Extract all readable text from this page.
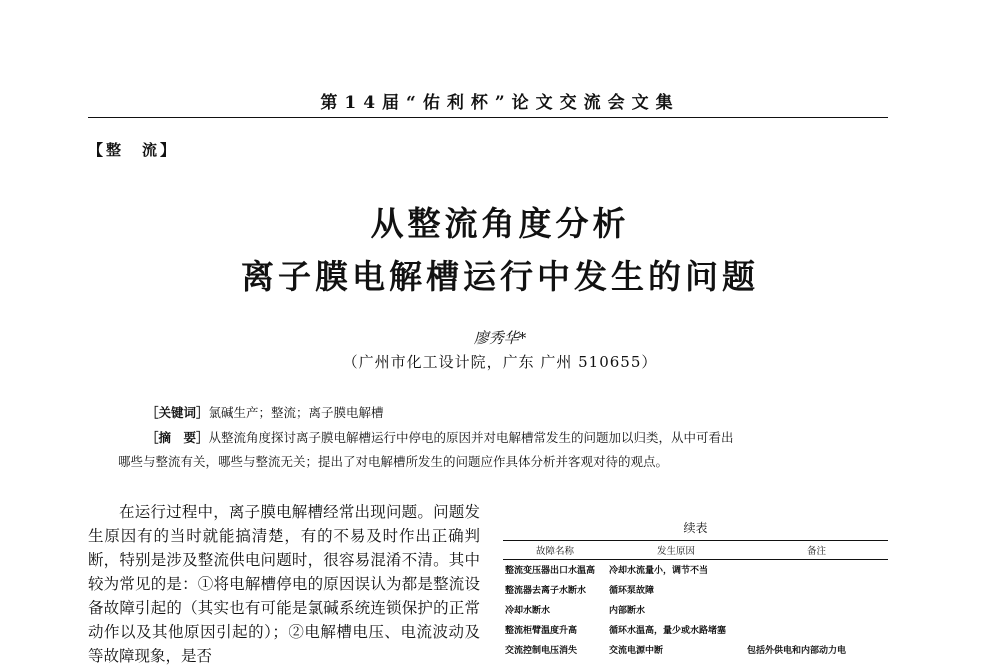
第14届“佑利杯”论文交流会文集
【整　流】
从整流角度分析
离子膜电解槽运行中发生的问题
廖秀华*
（广州市化工设计院，广东 广州 510655）
［关键词］氯碱生产；整流；离子膜电解槽
［摘　要］从整流角度探讨离子膜电解槽运行中停电的原因并对电解槽常发生的问题加以归类，从中可看出
哪些与整流有关，哪些与整流无关；提出了对电解槽所发生的问题应作具体分析并客观对待的观点。

在运行过程中，离子膜电解槽经常出现问题。问题发生原因有的当时就能搞清楚，有的不易及时作出正确判断，特别是涉及整流供电问题时，很容易混淆不清。其中较为常见的是：①将电解槽停电的原因误认为都是整流设备故障引起的（其实也有可能是氯碱系统连锁保护的正常动作以及其他原因引起的）；②电解槽电压、电流波动及等故障现象，是否

续表
故障名称	发生原因	备注
整流变压器出口水温高	冷却水流量小，调节不当	
整流器去离子水断水	循环泵故障	
冷却水断水	内部断水	
整流柜臂温度升高	循环水温高，量少或水路堵塞	
交流控制电压消失	交流电源中断	包括外供电和内部动力电
